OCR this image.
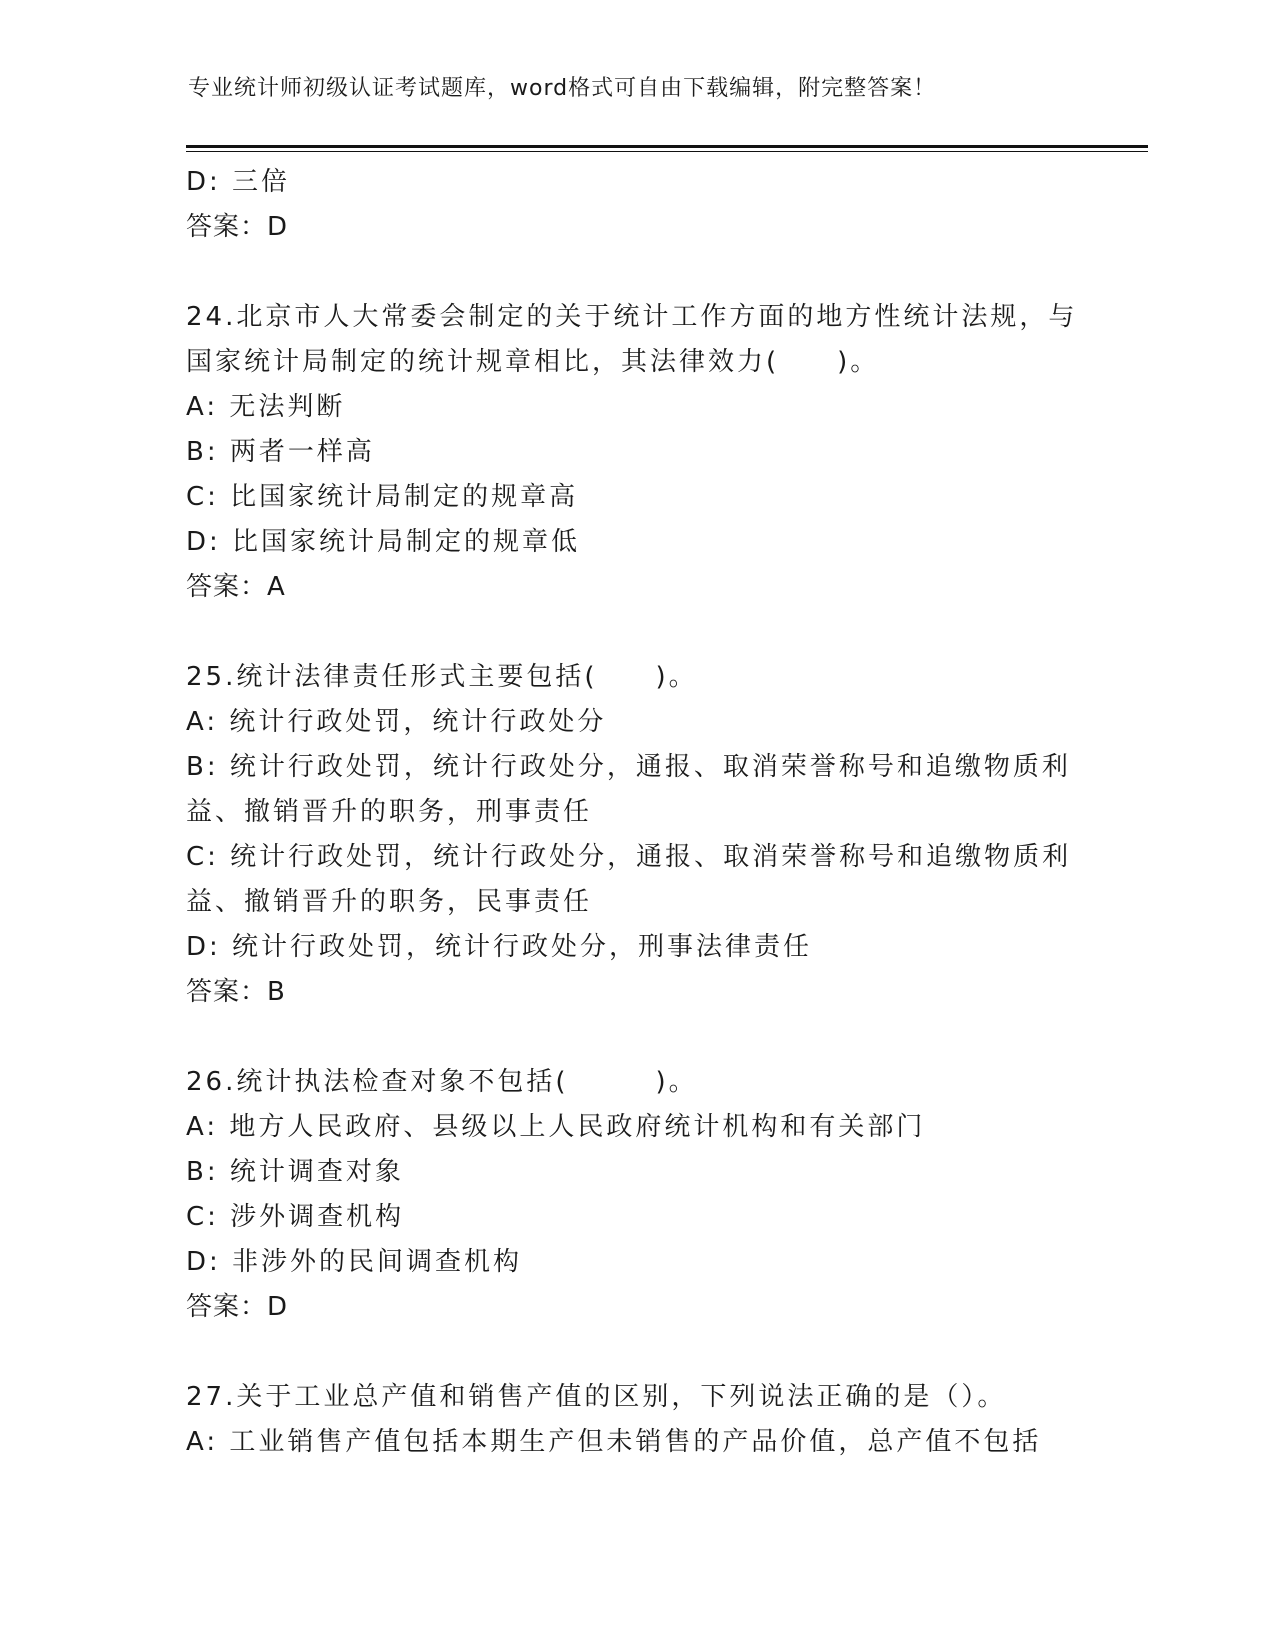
专业统计师初级认证考试题库，word格式可自由下载编辑，附完整答案！
D: 三倍
答案：D
24.北京市人大常委会制定的关于统计工作方面的地方性统计法规，与
国家统计局制定的统计规章相比，其法律效力(　　)。
A: 无法判断
B: 两者一样高
C: 比国家统计局制定的规章高
D: 比国家统计局制定的规章低
答案：A
25.统计法律责任形式主要包括(　　)。
A: 统计行政处罚，统计行政处分
B: 统计行政处罚，统计行政处分，通报、取消荣誉称号和追缴物质利
益、撤销晋升的职务，刑事责任
C: 统计行政处罚，统计行政处分，通报、取消荣誉称号和追缴物质利
益、撤销晋升的职务，民事责任
D: 统计行政处罚，统计行政处分，刑事法律责任
答案：B
26.统计执法检查对象不包括(　　　)。
A: 地方人民政府、县级以上人民政府统计机构和有关部门
B: 统计调查对象
C: 涉外调查机构
D: 非涉外的民间调查机构
答案：D
27.关于工业总产值和销售产值的区别，下列说法正确的是（）。
A: 工业销售产值包括本期生产但未销售的产品价值，总产值不包括
